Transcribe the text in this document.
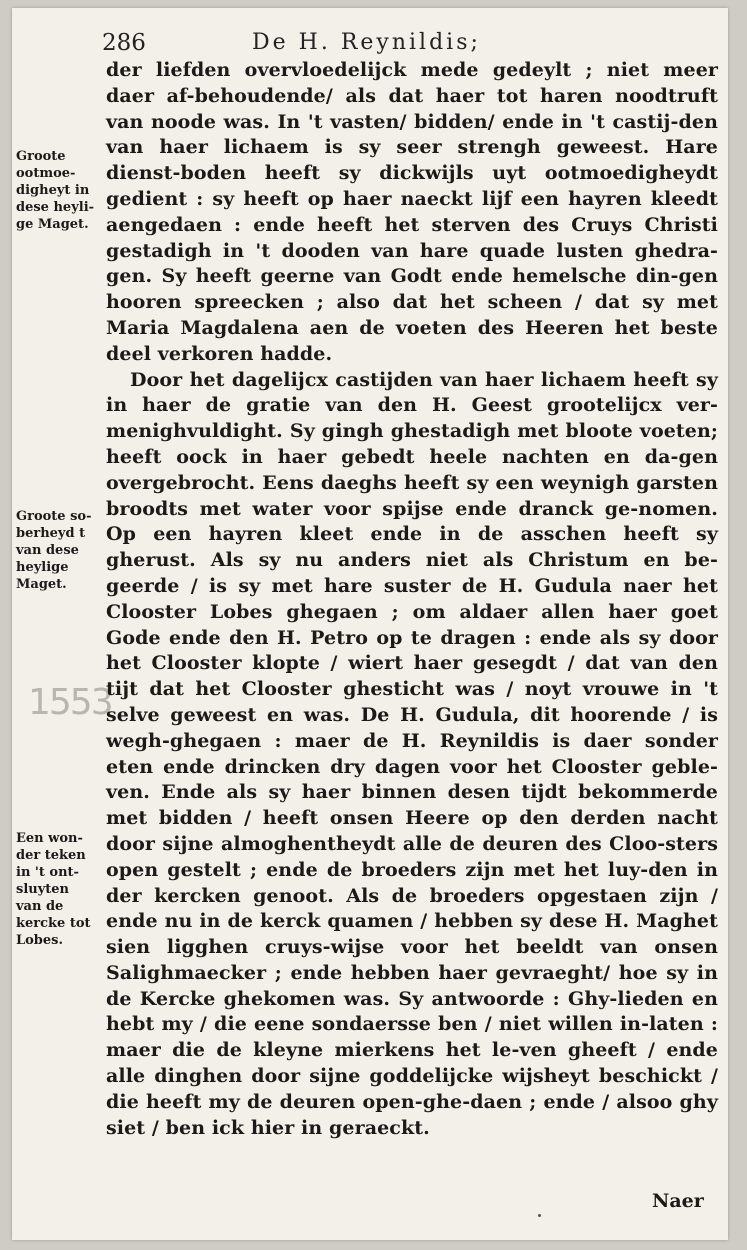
286	De H. Reynildis;
Groote
ootmoe-
digheyt in
dese heyli-
ge Maget.
Groote so-
berheyd t
van dese
heylige
Maget.
Een won-
der teken
in 't ont-
sluyten
van de
kercke tot
Lobes.
1553

der liefden overvloedelijck mede gedeylt ; niet meer daer af-behoudende/ als dat haer tot haren noodtruft van noode was. In 't vasten/ bidden/ ende in 't castij-den van haer lichaem is sy seer strengh geweest. Hare dienst-boden heeft sy dickwijls uyt ootmoedigheydt gedient : sy heeft op haer naeckt lijf een hayren kleedt aengedaen : ende heeft het sterven des Cruys Christi gestadigh in 't dooden van hare quade lusten ghedra-gen. Sy heeft geerne van Godt ende hemelsche din-gen hooren spreecken ; also dat het scheen / dat sy met Maria Magdalena aen de voeten des Heeren het beste deel verkoren hadde.

Door het dagelijcx castijden van haer lichaem heeft sy in haer de gratie van den H. Geest grootelijcx ver-menighvuldight. Sy gingh ghestadigh met bloote voeten; heeft oock in haer gebedt heele nachten en da-gen overgebrocht. Eens daeghs heeft sy een weynigh garsten broodts met water voor spijse ende dranck ge-nomen. Op een hayren kleet ende in de asschen heeft sy gherust. Als sy nu anders niet als Christum en be-geerde / is sy met hare suster de H. Gudula naer het Clooster Lobes ghegaen ; om aldaer allen haer goet Gode ende den H. Petro op te dragen : ende als sy door het Clooster klopte / wiert haer gesegdt / dat van den tijt dat het Clooster ghesticht was / noyt vrouwe in 't selve geweest en was. De H. Gudula, dit hoorende / is wegh-ghegaen : maer de H. Reynildis is daer sonder eten ende drincken dry dagen voor het Clooster geble-ven. Ende als sy haer binnen desen tijdt bekommerde met bidden / heeft onsen Heere op den derden nacht door sijne almoghentheydt alle de deuren des Cloo-sters open gestelt ; ende de broeders zijn met het luy-den in der kercken genoot. Als de broeders opgestaen zijn / ende nu in de kerck quamen / hebben sy dese H. Maghet sien ligghen cruys-wijse voor het beeldt van onsen Salighmaecker ; ende hebben haer gevraeght/ hoe sy in de Kercke ghekomen was. Sy antwoorde : Ghy-lieden en hebt my / die eene sondaersse ben / niet willen in-laten : maer die de kleyne mierkens het le-ven gheeft / ende alle dinghen door sijne goddelijcke wijsheyt beschickt / die heeft my de deuren open-ghe-daen ; ende / alsoo ghy siet / ben ick hier in geraeckt.

Naer
